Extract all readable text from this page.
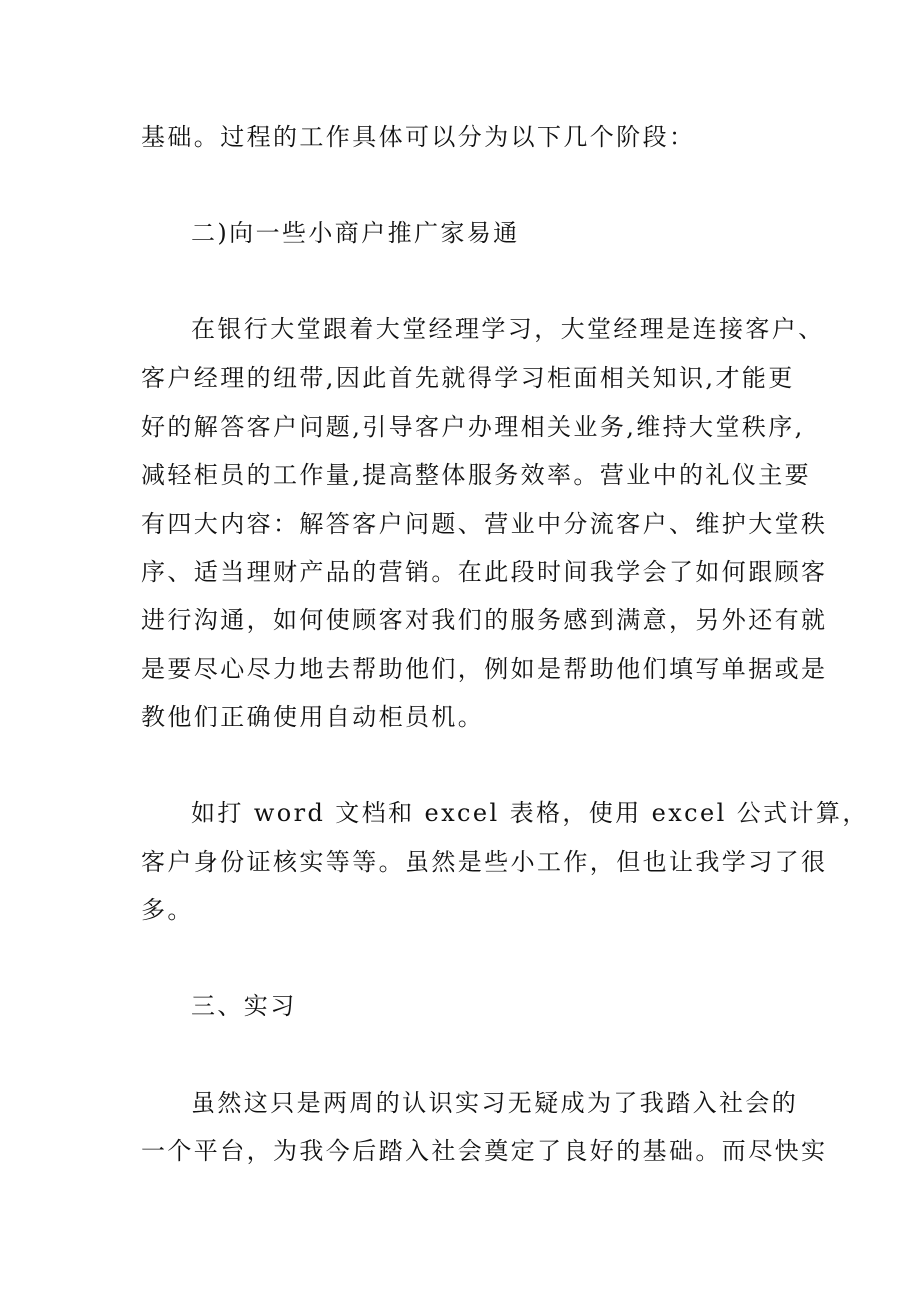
基础。过程的工作具体可以分为以下几个阶段：
二)向一些小商户推广家易通
在银行大堂跟着大堂经理学习，大堂经理是连接客户、
客户经理的纽带,因此首先就得学习柜面相关知识,才能更
好的解答客户问题,引导客户办理相关业务,维持大堂秩序,
减轻柜员的工作量,提高整体服务效率。营业中的礼仪主要
有四大内容：解答客户问题、营业中分流客户、维护大堂秩
序、适当理财产品的营销。在此段时间我学会了如何跟顾客
进行沟通，如何使顾客对我们的服务感到满意，另外还有就
是要尽心尽力地去帮助他们，例如是帮助他们填写单据或是
教他们正确使用自动柜员机。
如打 word 文档和 excel 表格，使用 excel 公式计算，
客户身份证核实等等。虽然是些小工作，但也让我学习了很
多。
三、实习
虽然这只是两周的认识实习无疑成为了我踏入社会的
一个平台，为我今后踏入社会奠定了良好的基础。而尽快实
